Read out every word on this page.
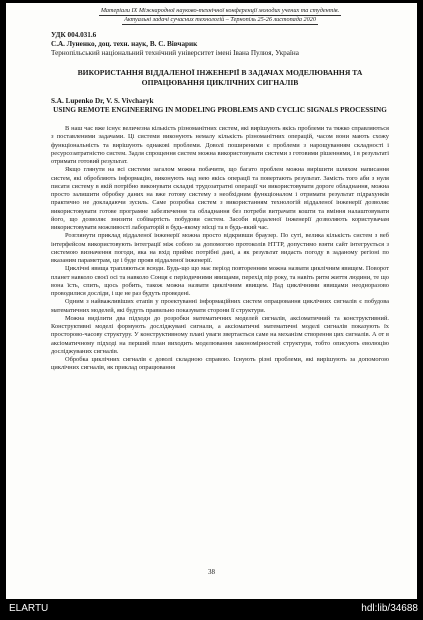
Матеріали IX Міжнародної науково-технічної конференції молодих учених та студентів.
Актуальні задачі сучасних технологій – Тернопіль 25-26 листопада 2020
УДК 004.031.6
С.А. Луненко, доц. техн. наук, В. С. Вівчарик
Тернопільський національний технічний університет імені Івана Пулюя, Україна
ВИКОРИСТАННЯ ВІДДАЛЕНОЇ ІНЖЕНЕРІЇ В ЗАДАЧАХ МОДЕЛЮВАННЯ ТА ОПРАЦЮВАННЯ ЦИКЛІЧНИХ СИГНАЛІВ
S.A. Lupenko Dr, V. S. Vivcharyk
USING REMOTE ENGINEERING IN MODELING PROBLEMS AND CYCLIC SIGNALS PROCESSING

В наш час вже існує величезна кількість різноманітних систем, які вирішують якісь проблеми та тяжко справляються з поставленими задачами. Ці системи виконують немалу кількість різноманітних операцій, часом вони мають схожу функціональність та вирішують однакові проблеми. Доволі поширеними є проблеми з нарощуванням складності і ресурсозатратністю систем. Задля спрощення систем можна використовувати системи з готовими рішеннями, і в результаті отримати готовий результат.

Якщо глянути на всі системи загалом можна побачити, що багато проблем можна вирішити шляхом написання систем, які обробляють інформацію, виконують над нею якісь операції та повертають результат. Замість того аби з нуля писати систему в якій потрібно виконувати складні трудозатратні операції чи використовувати дороге обладнання, можна просто залишити обробку даних на вже готову систему з необхідним функціоналом і отримати результат підрахунків практично не докладаючи зусиль. Саме розробка систем з використанням технологій віддаленої інженерії дозволяє використовувати готове програмне забезпечення та обладнання без потреби витрачати кошти та вміння налаштовувати його, що дозволяє знизити собівартість побудови систем. Засоби віддаленої інженерії дозволяють користувачам використовувати можливості лабораторій в будь-якому місці та в будь-який час.

Розглянути приклад віддаленої інженерії можна просто відкривши браузер. По суті, велика кількість систем з веб інтерфейсом використовують інтеграції між собою за допомогою протоколів HTTP, допустимо взяти сайт інтегрується з системою визначення погоди, яка на вхід приймє потрібні дані, а як результат видасть погоду в заданому регіоні по вказаним параметрам, це і буде прояв віддаленої інженерії.

Циклічні явища трапляються всюди. Будь-що що має період повторенням можна назвати циклічним явищем. Поворот планет навколо своєї осі та навколо Сонця є періодичними явищами, перехід пір року, та навіть ритм життя людини, те що вона їсть, спить, щось робить, також можна назвати циклічним явищем. Над циклічними явищами неодноразово проводилися досліди, і ще не раз будуть проведені.

Одним з найважливіших етапів у проектуванні інформаційних систем опрацювання циклічних сигналів є побудова математичних моделей, які будуть правильно показувати сторони її структури.

Можна виділити два підходи до розробки математичних моделей сигналів, аксіоматичний та конструктивний. Конструктивні моделі формують досліджувані сигнали, а аксіоматичні математичні моделі сигналів показують їх просторово-часову структуру. У конструктивному плані уваги звертається саме на механізм створення цих сигналів. А от в аксіоматичному підході на перший план виходить моделювання закономірностей структури, тобто описують еволюцію досліджуваних сигналів.

Обробка циклічних сигналів є доволі складною справою. Існують різні проблеми, які вирішують за допомогою циклічних сигналів, як приклад опрацювання

38
ELARTU	hdl:lib/34688
